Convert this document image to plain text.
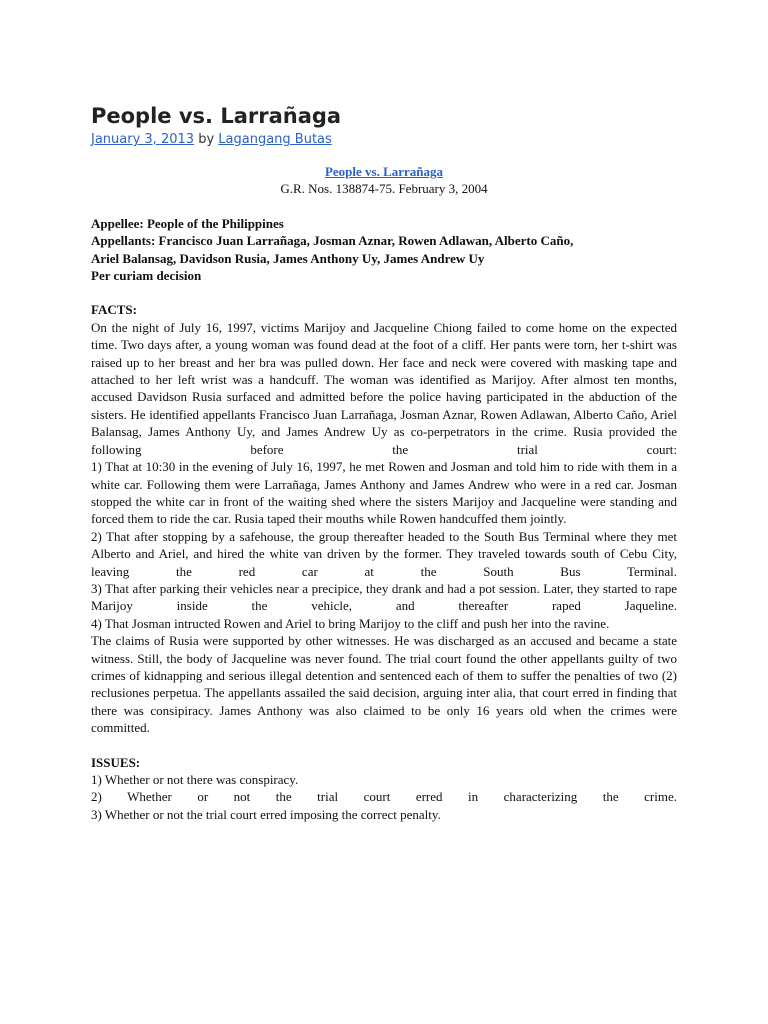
People vs. Larrañaga
January 3, 2013 by Lagangang Butas
People vs. Larrañaga
G.R. Nos. 138874-75. February 3, 2004
Appellee: People of the Philippines
Appellants: Francisco Juan Larrañaga, Josman Aznar, Rowen Adlawan, Alberto Caño,
Ariel Balansag, Davidson Rusia, James Anthony Uy, James Andrew Uy
Per curiam decision
FACTS:
On the night of July 16, 1997, victims Marijoy and Jacqueline Chiong failed to come home on the expected time. Two days after, a young woman was found dead at the foot of a cliff. Her pants were torn, her t-shirt was raised up to her breast and her bra was pulled down. Her face and neck were covered with masking tape and attached to her left wrist was a handcuff. The woman was identified as Marijoy. After almost ten months, accused Davidson Rusia surfaced and admitted before the police having participated in the abduction of the sisters. He identified appellants Francisco Juan Larrañaga, Josman Aznar, Rowen Adlawan, Alberto Caño, Ariel Balansag, James Anthony Uy, and James Andrew Uy as co-perpetrators in the crime. Rusia provided the following before the trial court:
1) That at 10:30 in the evening of July 16, 1997, he met Rowen and Josman and told him to ride with them in a white car. Following them were Larrañaga, James Anthony and James Andrew who were in a red car. Josman stopped the white car in front of the waiting shed where the sisters Marijoy and Jacqueline were standing and forced them to ride the car. Rusia taped their mouths while Rowen handcuffed them jointly.
2) That after stopping by a safehouse, the group thereafter headed to the South Bus Terminal where they met Alberto and Ariel, and hired the white van driven by the former. They traveled towards south of Cebu City, leaving the red car at the South Bus Terminal.
3) That after parking their vehicles near a precipice, they drank and had a pot session. Later, they started to rape Marijoy inside the vehicle, and thereafter raped Jaqueline.
4) That Josman intructed Rowen and Ariel to bring Marijoy to the cliff and push her into the ravine.
The claims of Rusia were supported by other witnesses. He was discharged as an accused and became a state witness. Still, the body of Jacqueline was never found. The trial court found the other appellants guilty of two crimes of kidnapping and serious illegal detention and sentenced each of them to suffer the penalties of two (2) reclusiones perpetua. The appellants assailed the said decision, arguing inter alia, that court erred in finding that there was consipiracy. James Anthony was also claimed to be only 16 years old when the crimes were committed.
ISSUES:
1) Whether or not there was conspiracy.
2) Whether or not the trial court erred in characterizing the crime.
3) Whether or not the trial court erred imposing the correct penalty.
